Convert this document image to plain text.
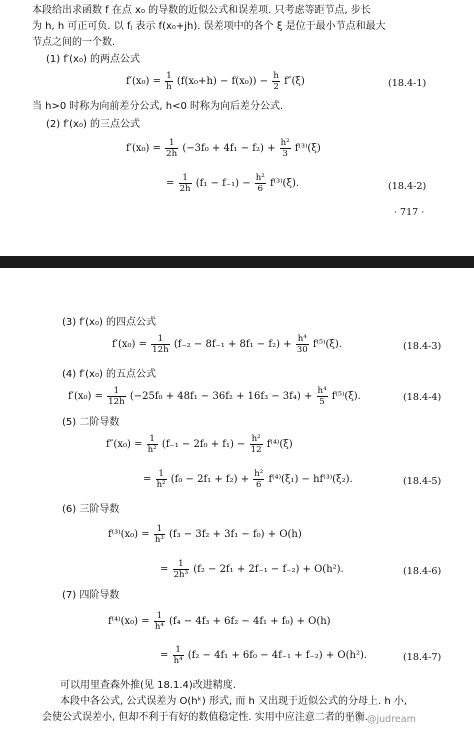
本段给出求函数 f 在点 x₀ 的导数的近似公式和误差项. 只考虑等距节点, 步长
为 h, h 可正可负. 以 fⱼ 表示 f(x₀+jh). 误差项中的各个 ξ 是位于最小节点和最大
节点之间的一个数.
(1) f′(x₀) 的两点公式
$f'(x_0) = \frac{1}{h} (f(x_0+h) - f(x_0)) - \frac{h}{2} f''(\xi)$	(18.4-1)
当 h>0 时称为向前差分公式, h<0 时称为向后差分公式.
(2) f′(x₀) 的三点公式
$f'(x_0) = \frac{1}{2h} (-3f_0 + 4f_1 - f_2) + \frac{\text{h²}}{3} f^{(3)}(\xi)$
= $\frac{1}{2h} (f_1 - f_{-1}) - \frac{\text{h²}}{6} f^{(3)}(\xi)$.	(18.4-2)
· 717 ·
(3) f′(x₀) 的四点公式
$f'(x_0) = \frac{1}{12h} (f_{-2} - 8f_{-1} + 8f_1 - f_2) + \frac{\text{h⁴}}{30} f^{(5)}(\xi)$.	(18.4-3)
(4) f′(x₀) 的五点公式
$f'(x_0) = \frac{1}{12h} (-25f_0 + 48f_1 - 36f_2 + 16f_3 - 3f_4) + \frac{\text{h⁴}}{5} f^{(5)}(\xi)$.	(18.4-4)
(5) 二阶导数
$f''(x_0) = \frac{1}{\text{h²}} (f_{-1} - 2f_0 + f_1) - \frac{\text{h²}}{12} f^{(4)}(\xi)$
= $\frac{1}{\text{h²}} (f_0 - 2f_1 + f_2) + \frac{\text{h²}}{6} f^{(4)}(\xi_1) - hf^{(3)}(\xi_2)$.	(18.4-5)
(6) 三阶导数
$f^{(3)}(x_0) = \frac{1}{\text{h³}} (f_3 - 3f_2 + 3f_1 - f_0) + O(h)$
= $\frac{1}{\text{2h³}} (f_2 - 2f_1 + 2f_{-1} - f_{-2}) + O(h^2)$.	(18.4-6)
(7) 四阶导数
$f^{(4)}(x_0) = \frac{1}{\text{h⁴}} (f_4 - 4f_3 + 6f_2 - 4f_1 + f_0) + O(h)$
= $\frac{1}{\text{h⁴}} (f_2 - 4f_1 + 6f_0 - 4f_{-1} + f_{-2}) + O(h^2)$.	(18.4-7)
可以用里查森外推(见 18.1.4)改进精度.
本段中各公式, 公式误差为 O(hᵏ) 形式, 而 h 又出现于近似公式的分母上. h 小,
会使公式误差小, 但却不利于有好的数值稳定性. 实用中应注意二者的平衡.
知乎 @judream
